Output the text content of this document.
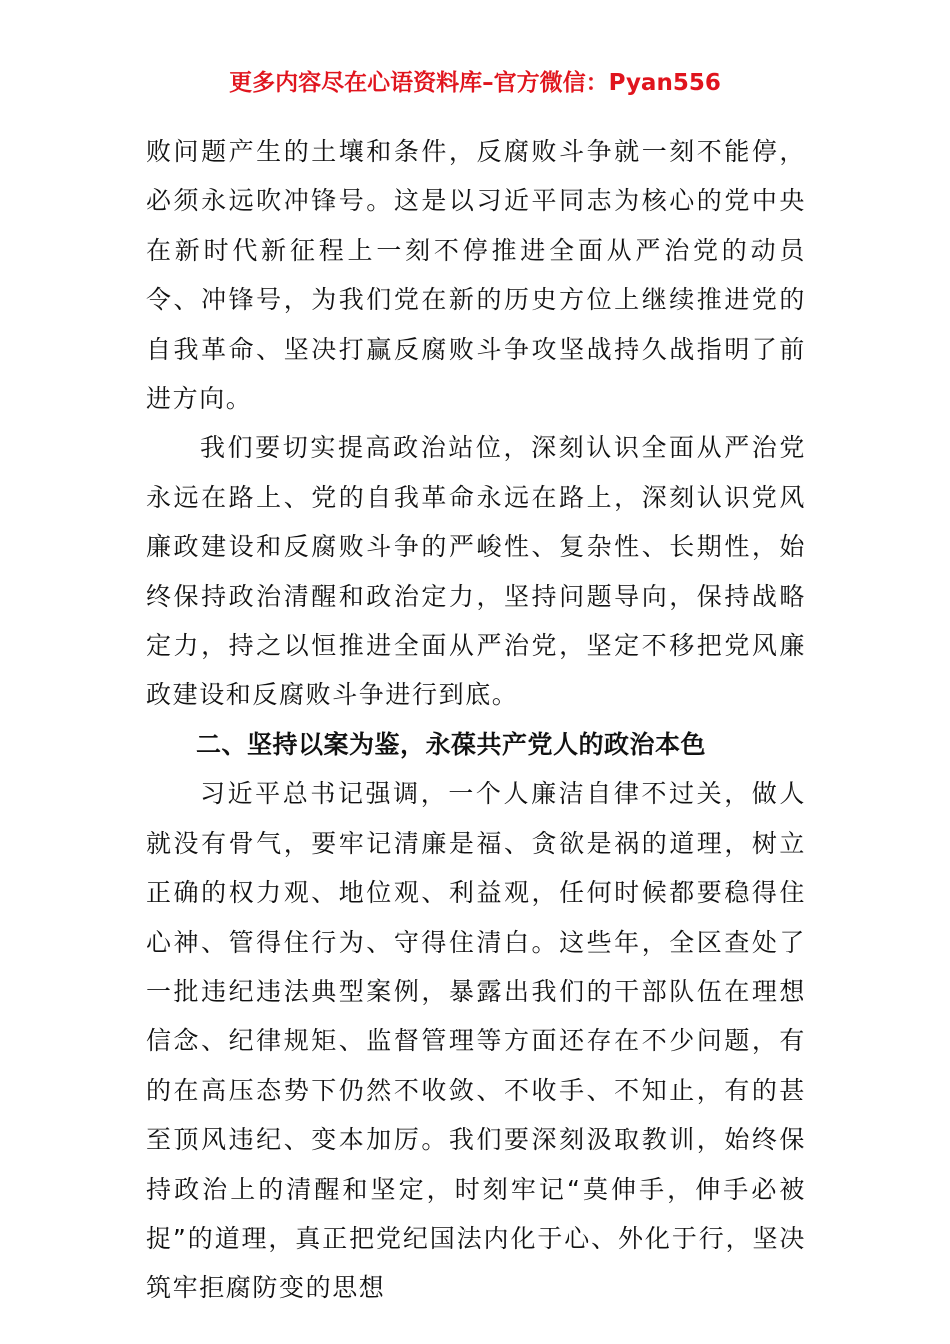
更多内容尽在心语资料库–官方微信：Pyan556

败问题产生的土壤和条件，反腐败斗争就一刻不能停，必须永远吹冲锋号。这是以习近平同志为核心的党中央在新时代新征程上一刻不停推进全面从严治党的动员令、冲锋号，为我们党在新的历史方位上继续推进党的自我革命、坚决打赢反腐败斗争攻坚战持久战指明了前进方向。

我们要切实提高政治站位，深刻认识全面从严治党永远在路上、党的自我革命永远在路上，深刻认识党风廉政建设和反腐败斗争的严峻性、复杂性、长期性，始终保持政治清醒和政治定力，坚持问题导向，保持战略定力，持之以恒推进全面从严治党，坚定不移把党风廉政建设和反腐败斗争进行到底。

二、坚持以案为鉴，永葆共产党人的政治本色

习近平总书记强调，一个人廉洁自律不过关，做人就没有骨气，要牢记清廉是福、贪欲是祸的道理，树立正确的权力观、地位观、利益观，任何时候都要稳得住心神、管得住行为、守得住清白。这些年，全区查处了一批违纪违法典型案例，暴露出我们的干部队伍在理想信念、纪律规矩、监督管理等方面还存在不少问题，有的在高压态势下仍然不收敛、不收手、不知止，有的甚至顶风违纪、变本加厉。我们要深刻汲取教训，始终保持政治上的清醒和坚定，时刻牢记“莫伸手，伸手必被捉”的道理，真正把党纪国法内化于心、外化于行，坚决筑牢拒腐防变的思想
